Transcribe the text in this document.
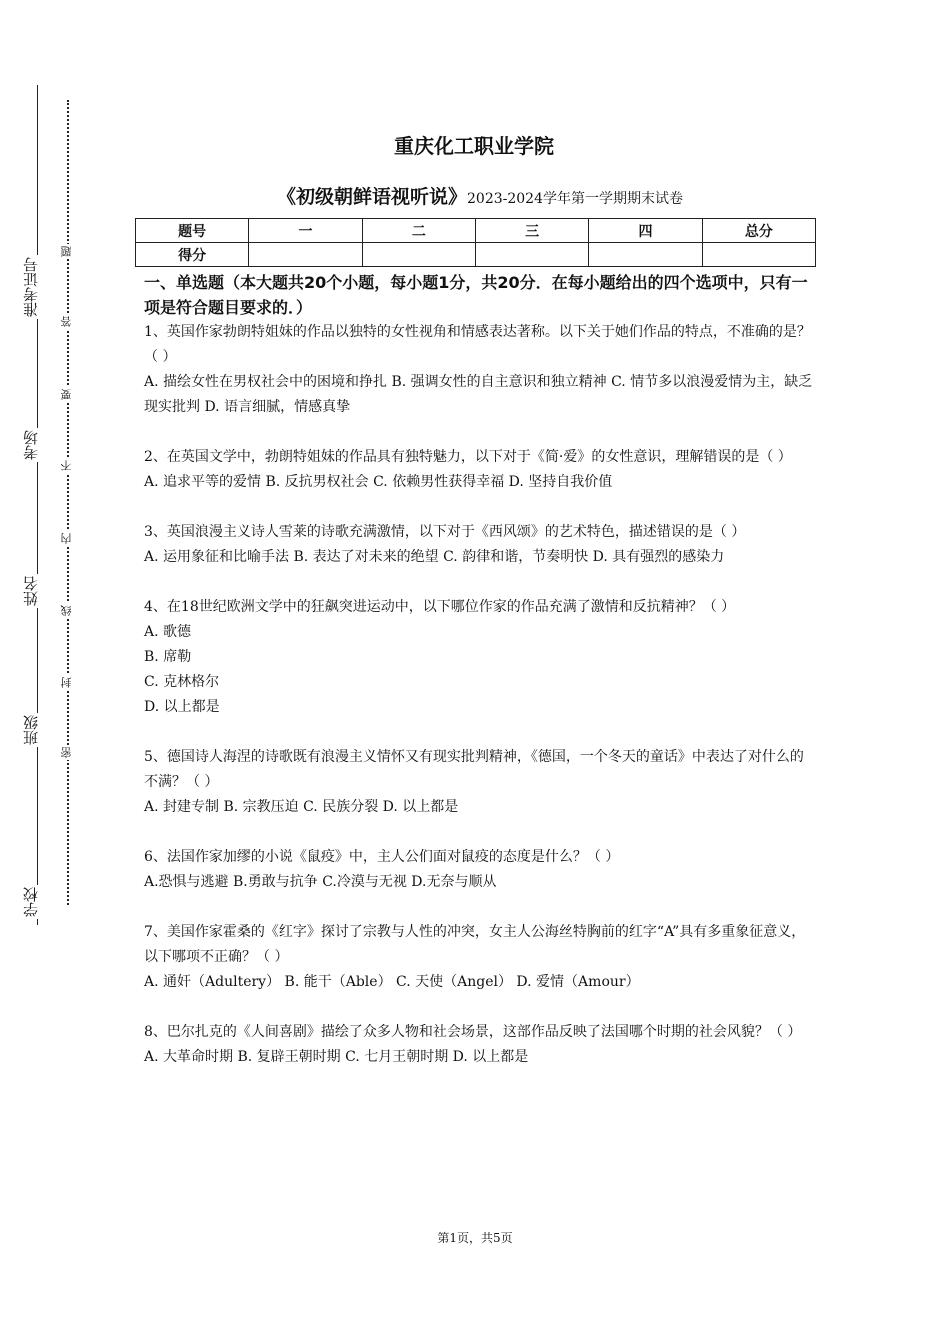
准考证号
考场
姓名
班级
学校
题
答
要
不
内
线
封
密
重庆化工职业学院
《初级朝鲜语视听说》2023-2024学年第一学期期末试卷
题号	一	二	三	四	总分
得分					
一、单选题（本大题共20个小题，每小题1分，共20分．在每小题给出的四个选项中，只有一项是符合题目要求的．）

1、英国作家勃朗特姐妹的作品以独特的女性视角和情感表达著称。以下关于她们作品的特点，不准确的是？（ ）

A. 描绘女性在男权社会中的困境和挣扎 B. 强调女性的自主意识和独立精神 C. 情节多以浪漫爱情为主，缺乏现实批判 D. 语言细腻，情感真挚

2、在英国文学中，勃朗特姐妹的作品具有独特魅力，以下对于《简·爱》的女性意识，理解错误的是（ ）

A. 追求平等的爱情 B. 反抗男权社会 C. 依赖男性获得幸福 D. 坚持自我价值

3、英国浪漫主义诗人雪莱的诗歌充满激情，以下对于《西风颂》的艺术特色，描述错误的是（ ）

A. 运用象征和比喻手法 B. 表达了对未来的绝望 C. 韵律和谐，节奏明快 D. 具有强烈的感染力

4、在18世纪欧洲文学中的狂飙突进运动中，以下哪位作家的作品充满了激情和反抗精神？（ ）

A. 歌德

B. 席勒

C. 克林格尔

D. 以上都是

5、德国诗人海涅的诗歌既有浪漫主义情怀又有现实批判精神，《德国，一个冬天的童话》中表达了对什么的不满？（ ）

A. 封建专制 B. 宗教压迫 C. 民族分裂 D. 以上都是

6、法国作家加缪的小说《鼠疫》中，主人公们面对鼠疫的态度是什么？（ ）

A.恐惧与逃避 B.勇敢与抗争 C.冷漠与无视 D.无奈与顺从

7、美国作家霍桑的《红字》探讨了宗教与人性的冲突，女主人公海丝特胸前的红字“A”具有多重象征意义，以下哪项不正确？（ ）

A. 通奸（Adultery） B. 能干（Able） C. 天使（Angel） D. 爱情（Amour）

8、巴尔扎克的《人间喜剧》描绘了众多人物和社会场景，这部作品反映了法国哪个时期的社会风貌？（ ）

A. 大革命时期 B. 复辟王朝时期 C. 七月王朝时期 D. 以上都是

第1页，共5页
